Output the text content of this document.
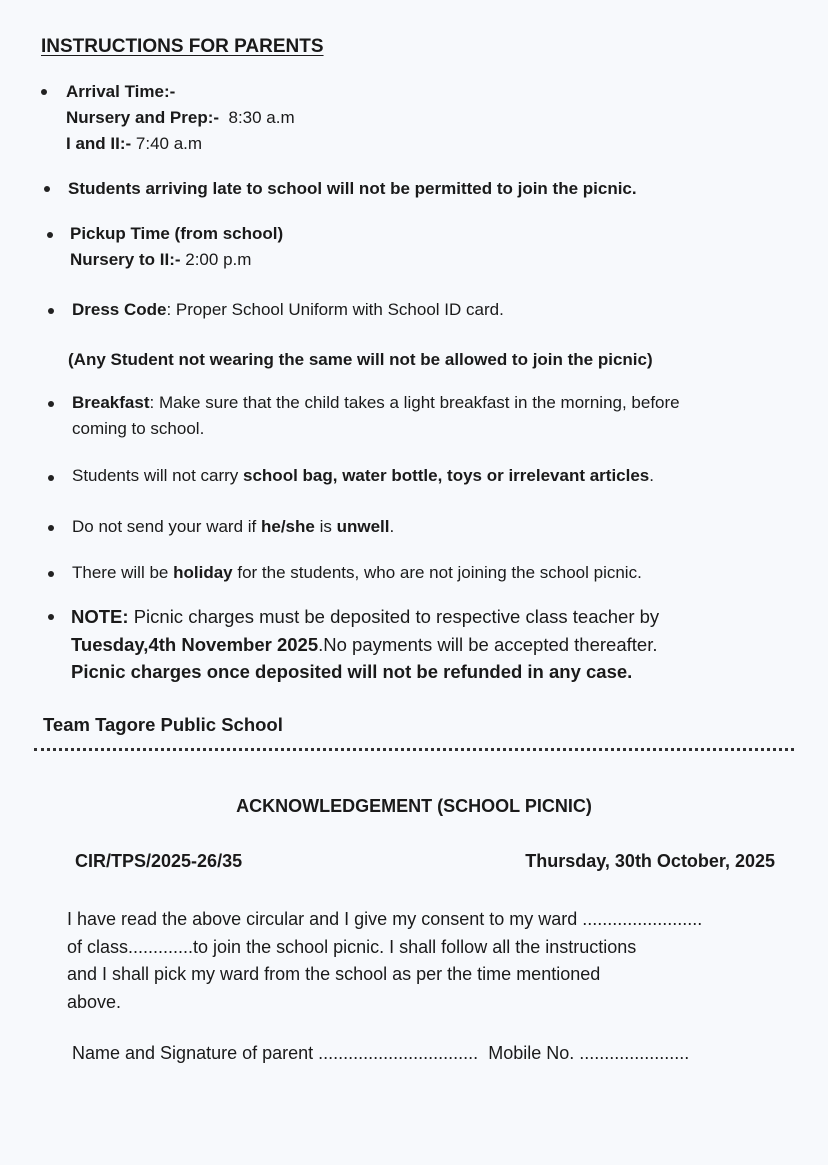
INSTRUCTIONS FOR PARENTS
Arrival Time:-
Nursery and Prep:-  8:30 a.m
I and II:- 7:40 a.m
Students arriving late to school will not be permitted to join the picnic.
Pickup Time (from school)
Nursery to II:- 2:00 p.m
Dress Code: Proper School Uniform with School ID card.
(Any Student not wearing the same will not be allowed to join the picnic)
Breakfast: Make sure that the child takes a light breakfast in the morning, before
coming to school.
Students will not carry school bag, water bottle, toys or irrelevant articles.
Do not send your ward if he/she is unwell.
There will be holiday for the students, who are not joining the school picnic.
NOTE: Picnic charges must be deposited to respective class teacher by
Tuesday,4th November 2025.No payments will be accepted thereafter.
Picnic charges once deposited will not be refunded in any case.
Team Tagore Public School
ACKNOWLEDGEMENT (SCHOOL PICNIC)
CIR/TPS/2025-26/35	Thursday, 30th October, 2025
I have read the above circular and I give my consent to my ward ........................
of class.............to join the school picnic. I shall follow all the instructions
and I shall pick my ward from the school as per the time mentioned
above.
Name and Signature of parent ................................ Mobile No. ......................
